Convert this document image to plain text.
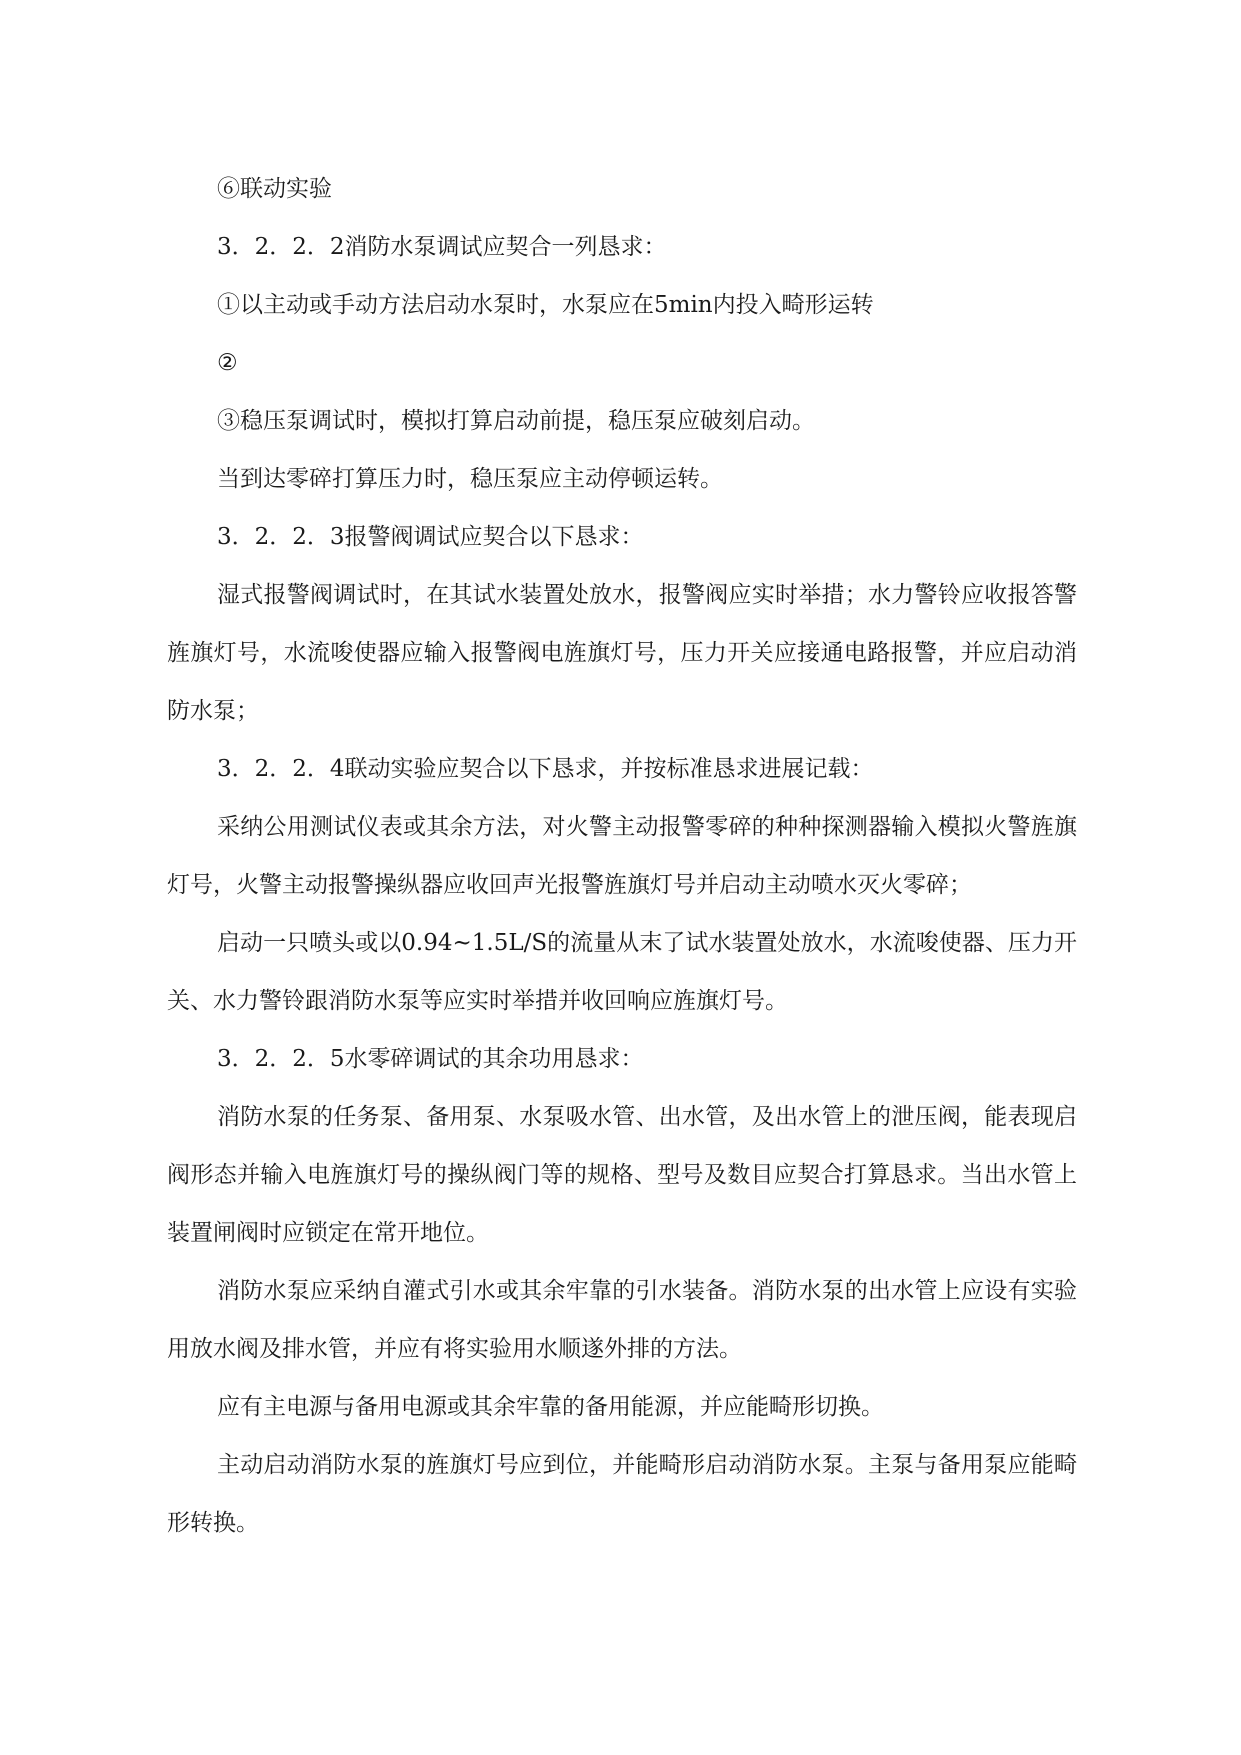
⑥联动实验

3．2．2．2消防水泵调试应契合一列恳求：

①以主动或手动方法启动水泵时，水泵应在5min内投入畸形运转

②

③稳压泵调试时，模拟打算启动前提，稳压泵应破刻启动。

当到达零碎打算压力时，稳压泵应主动停顿运转。

3．2．2．3报警阀调试应契合以下恳求：

湿式报警阀调试时，在其试水装置处放水，报警阀应实时举措；水力警铃应收报答警旌旗灯号，水流唆使器应输入报警阀电旌旗灯号，压力开关应接通电路报警，并应启动消防水泵；

3．2．2．4联动实验应契合以下恳求，并按标准恳求进展记载：

采纳公用测试仪表或其余方法，对火警主动报警零碎的种种探测器输入模拟火警旌旗灯号，火警主动报警操纵器应收回声光报警旌旗灯号并启动主动喷水灭火零碎；

启动一只喷头或以0.94~1.5L/S的流量从末了试水装置处放水，水流唆使器、压力开关、水力警铃跟消防水泵等应实时举措并收回响应旌旗灯号。

3．2．2．5水零碎调试的其余功用恳求：

消防水泵的任务泵、备用泵、水泵吸水管、出水管，及出水管上的泄压阀，能表现启阀形态并输入电旌旗灯号的操纵阀门等的规格、型号及数目应契合打算恳求。当出水管上装置闸阀时应锁定在常开地位。

消防水泵应采纳自灌式引水或其余牢靠的引水装备。消防水泵的出水管上应设有实验用放水阀及排水管，并应有将实验用水顺遂外排的方法。

应有主电源与备用电源或其余牢靠的备用能源，并应能畸形切换。

主动启动消防水泵的旌旗灯号应到位，并能畸形启动消防水泵。主泵与备用泵应能畸形转换。
